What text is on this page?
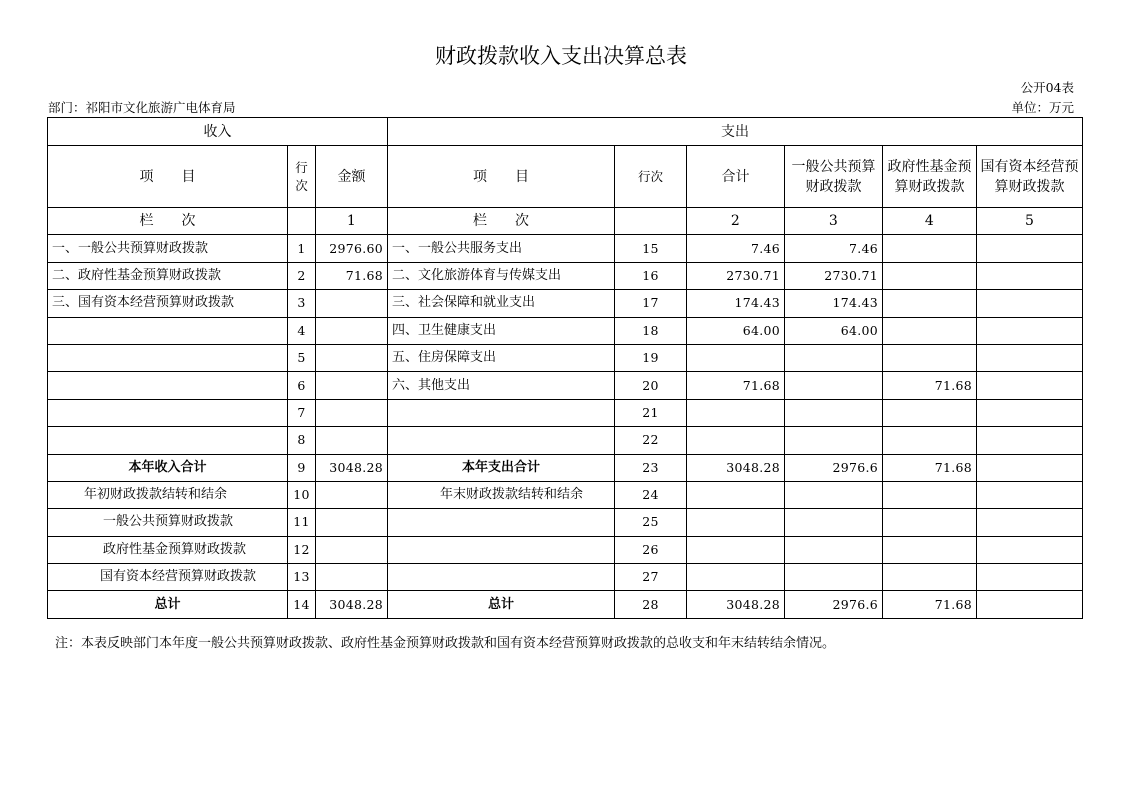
财政拨款收入支出决算总表
公开04表
部门：祁阳市文化旅游广电体育局	单位：万元
收入			支出					
项　　目	行次	金额	项　　目	行次	合计	一般公共预算财政拨款	政府性基金预算财政拨款	国有资本经营预算财政拨款
栏　　次		1	栏　　次		2	3	4	5
一、一般公共预算财政拨款	1	2976.60	一、一般公共服务支出	15	7.46	7.46		
二、政府性基金预算财政拨款	2	71.68	二、文化旅游体育与传媒支出	16	2730.71	2730.71		
三、国有资本经营预算财政拨款	3		三、社会保障和就业支出	17	174.43	174.43		
	4		四、卫生健康支出	18	64.00	64.00		
	5		五、住房保障支出	19				
	6		六、其他支出	20	71.68		71.68	
	7			21				
	8			22				
本年收入合计	9	3048.28	本年支出合计	23	3048.28	2976.6	71.68	
年初财政拨款结转和结余	10		年末财政拨款结转和结余	24				
一般公共预算财政拨款	11			25				
政府性基金预算财政拨款	12			26				
国有资本经营预算财政拨款	13			27				
总计	14	3048.28	总计	28	3048.28	2976.6	71.68	
注：本表反映部门本年度一般公共预算财政拨款、政府性基金预算财政拨款和国有资本经营预算财政拨款的总收支和年末结转结余情况。
